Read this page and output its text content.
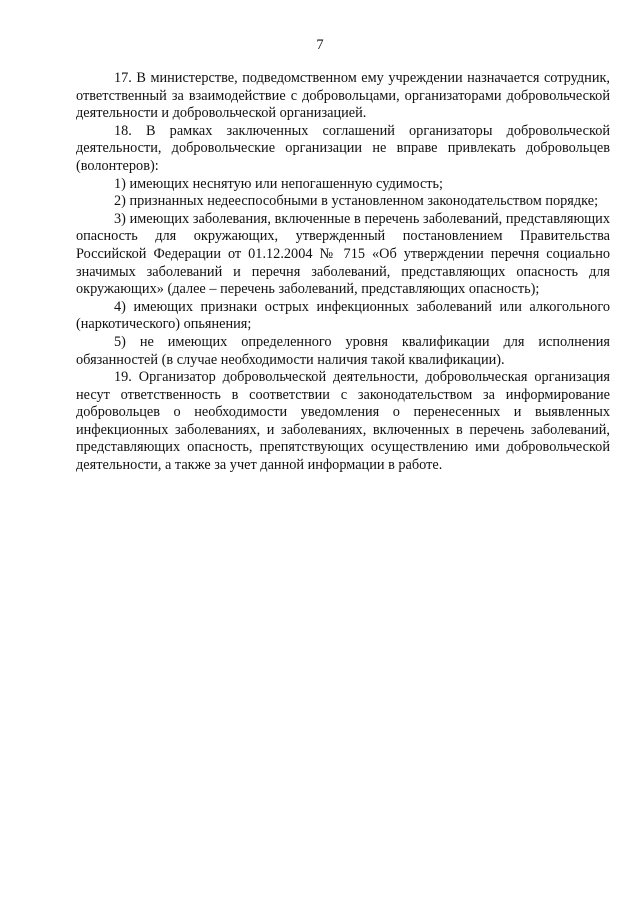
7

17. В министерстве, подведомственном ему учреждении назначается сотрудник, ответственный за взаимодействие с добровольцами, организаторами добровольческой деятельности и добровольческой организацией.

18. В рамках заключенных соглашений организаторы добровольческой деятельности, добровольческие организации не вправе привлекать добровольцев (волонтеров):

1) имеющих неснятую или непогашенную судимость;

2) признанных недееспособными в установленном законодательством порядке;

3) имеющих заболевания, включенные в перечень заболеваний, представляющих опасность для окружающих, утвержденный постановлением Правительства Российской Федерации от 01.12.2004 № 715 «Об утверждении перечня социально значимых заболеваний и перечня заболеваний, представляющих опасность для окружающих» (далее – перечень заболеваний, представляющих опасность);

4) имеющих признаки острых инфекционных заболеваний или алкогольного (наркотического) опьянения;

5) не имеющих определенного уровня квалификации для исполнения обязанностей (в случае необходимости наличия такой квалификации).

19. Организатор добровольческой деятельности, добровольческая организация несут ответственность в соответствии с законодательством за информирование добровольцев о необходимости уведомления о перенесенных и выявленных инфекционных заболеваниях, и заболеваниях, включенных в перечень заболеваний, представляющих опасность, препятствующих осуществлению ими добровольческой деятельности, а также за учет данной информации в работе.
